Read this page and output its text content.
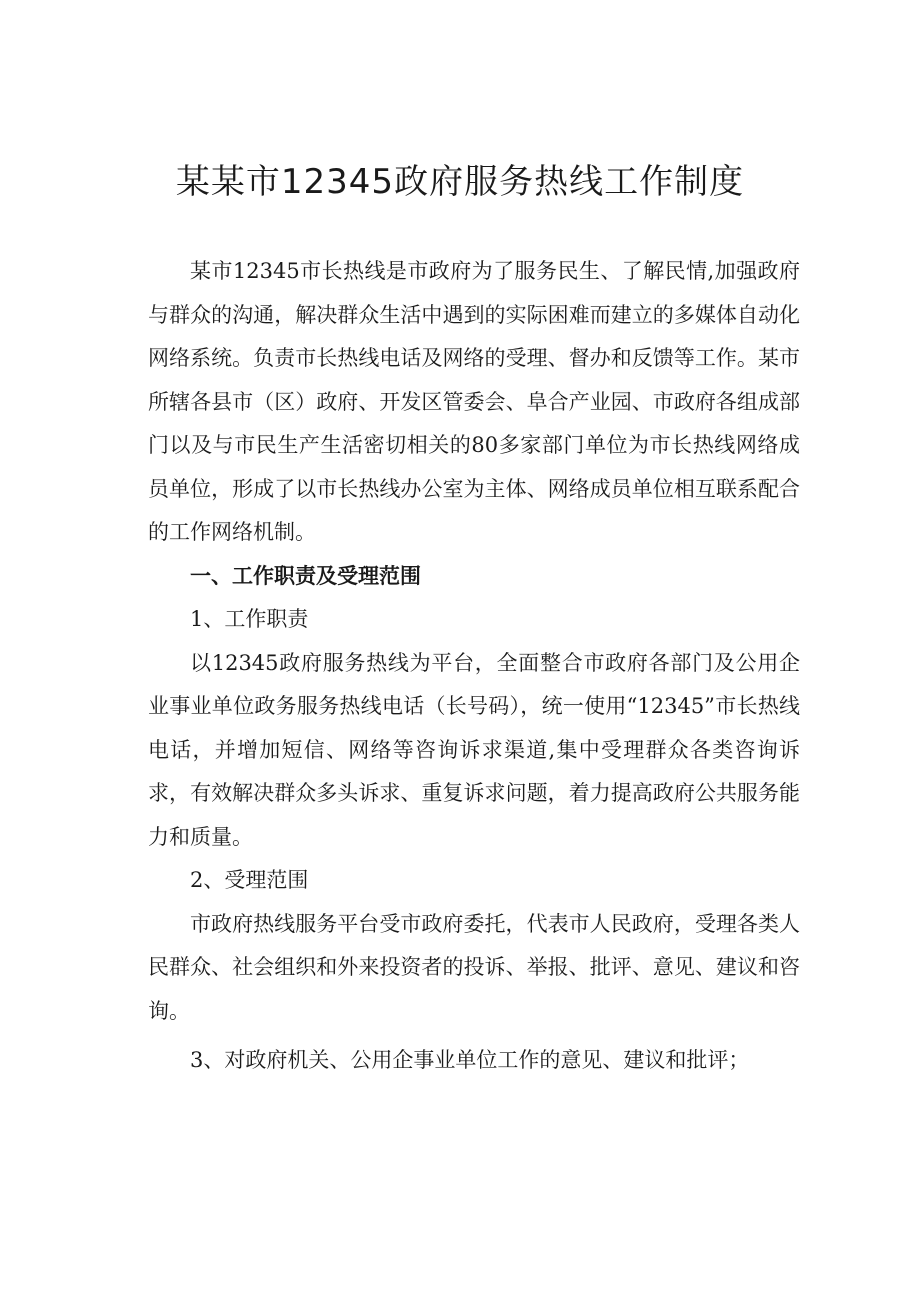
某某市12345政府服务热线工作制度

某市12345市长热线是市政府为了服务民生、了解民情,加强政府与群众的沟通，解决群众生活中遇到的实际困难而建立的多媒体自动化网络系统。负责市长热线电话及网络的受理、督办和反馈等工作。某市所辖各县市（区）政府、开发区管委会、阜合产业园、市政府各组成部门以及与市民生产生活密切相关的80多家部门单位为市长热线网络成员单位，形成了以市长热线办公室为主体、网络成员单位相互联系配合的工作网络机制。

一、工作职责及受理范围

1、工作职责

以12345政府服务热线为平台，全面整合市政府各部门及公用企业事业单位政务服务热线电话（长号码），统一使用“12345”市长热线电话，并增加短信、网络等咨询诉求渠道,集中受理群众各类咨询诉求，有效解决群众多头诉求、重复诉求问题，着力提高政府公共服务能力和质量。

2、受理范围

市政府热线服务平台受市政府委托，代表市人民政府，受理各类人民群众、社会组织和外来投资者的投诉、举报、批评、意见、建议和咨询。

3、对政府机关、公用企事业单位工作的意见、建议和批评；
